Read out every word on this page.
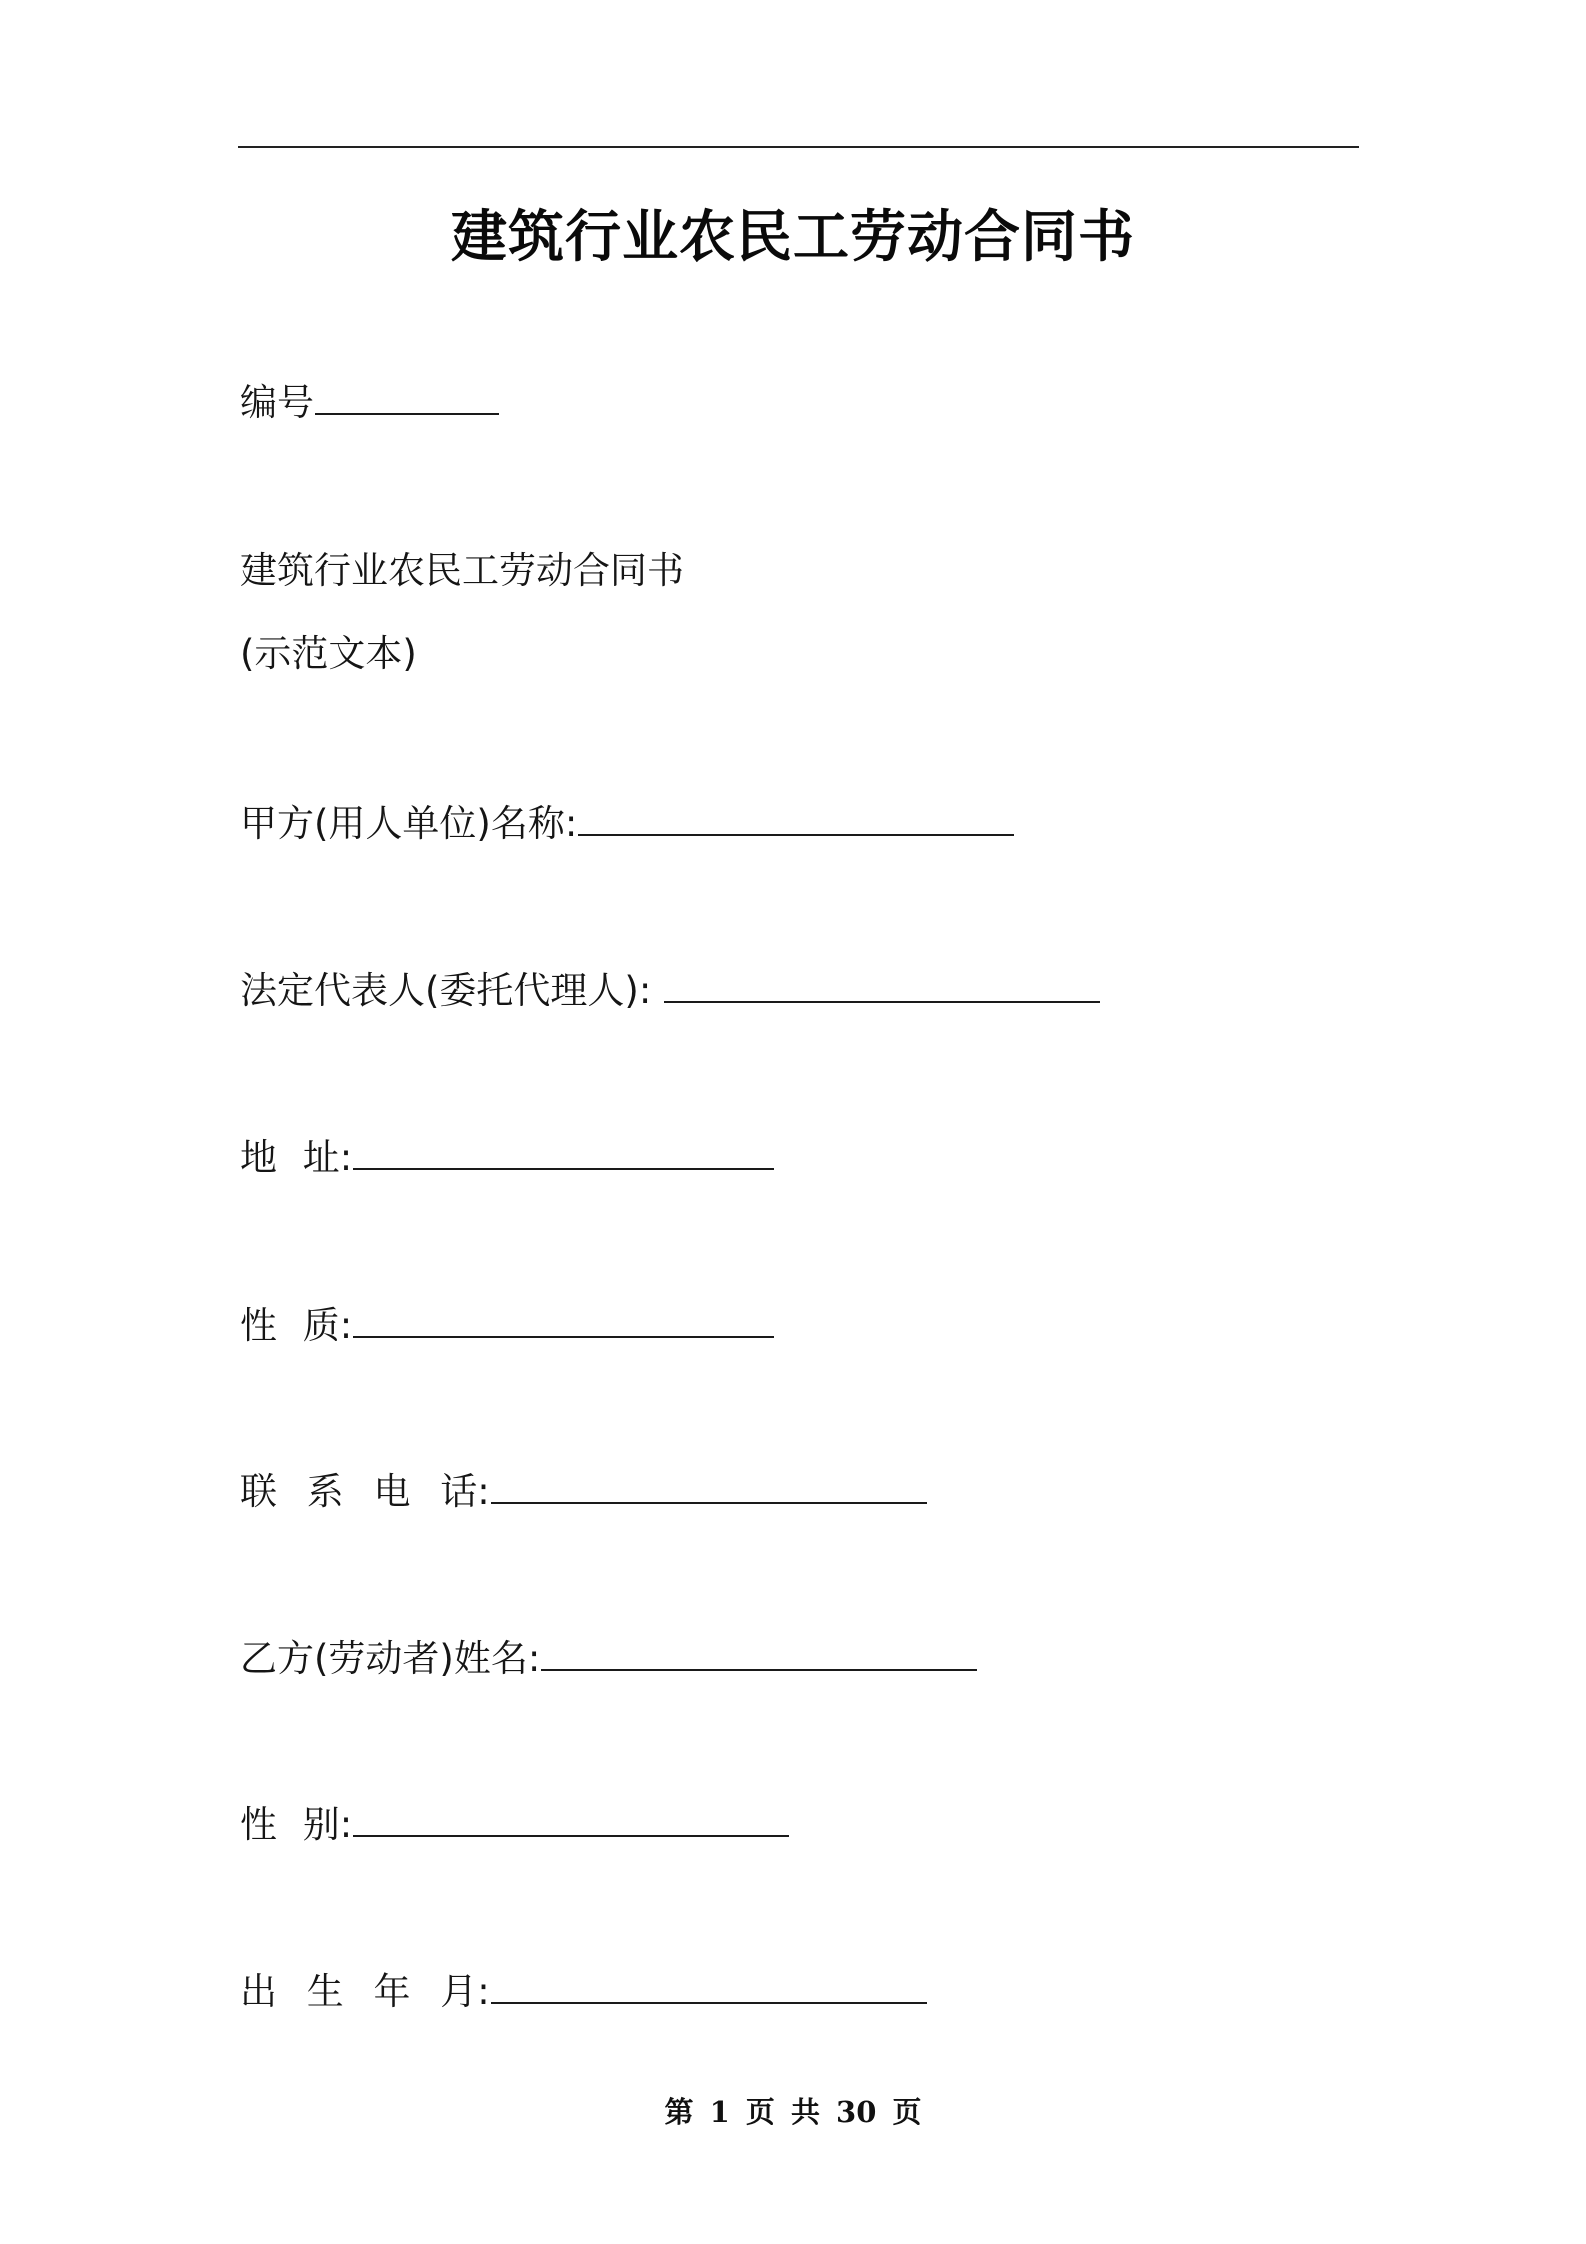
建筑行业农民工劳动合同书
编号
建筑行业农民工劳动合同书
(示范文本)
甲方(用人单位)名称:
法定代表人(委托代理人):
地 址:
性 质:
联 系 电 话:
乙方(劳动者)姓名:
性 别:
出 生 年 月:
第 1 页 共 30 页
